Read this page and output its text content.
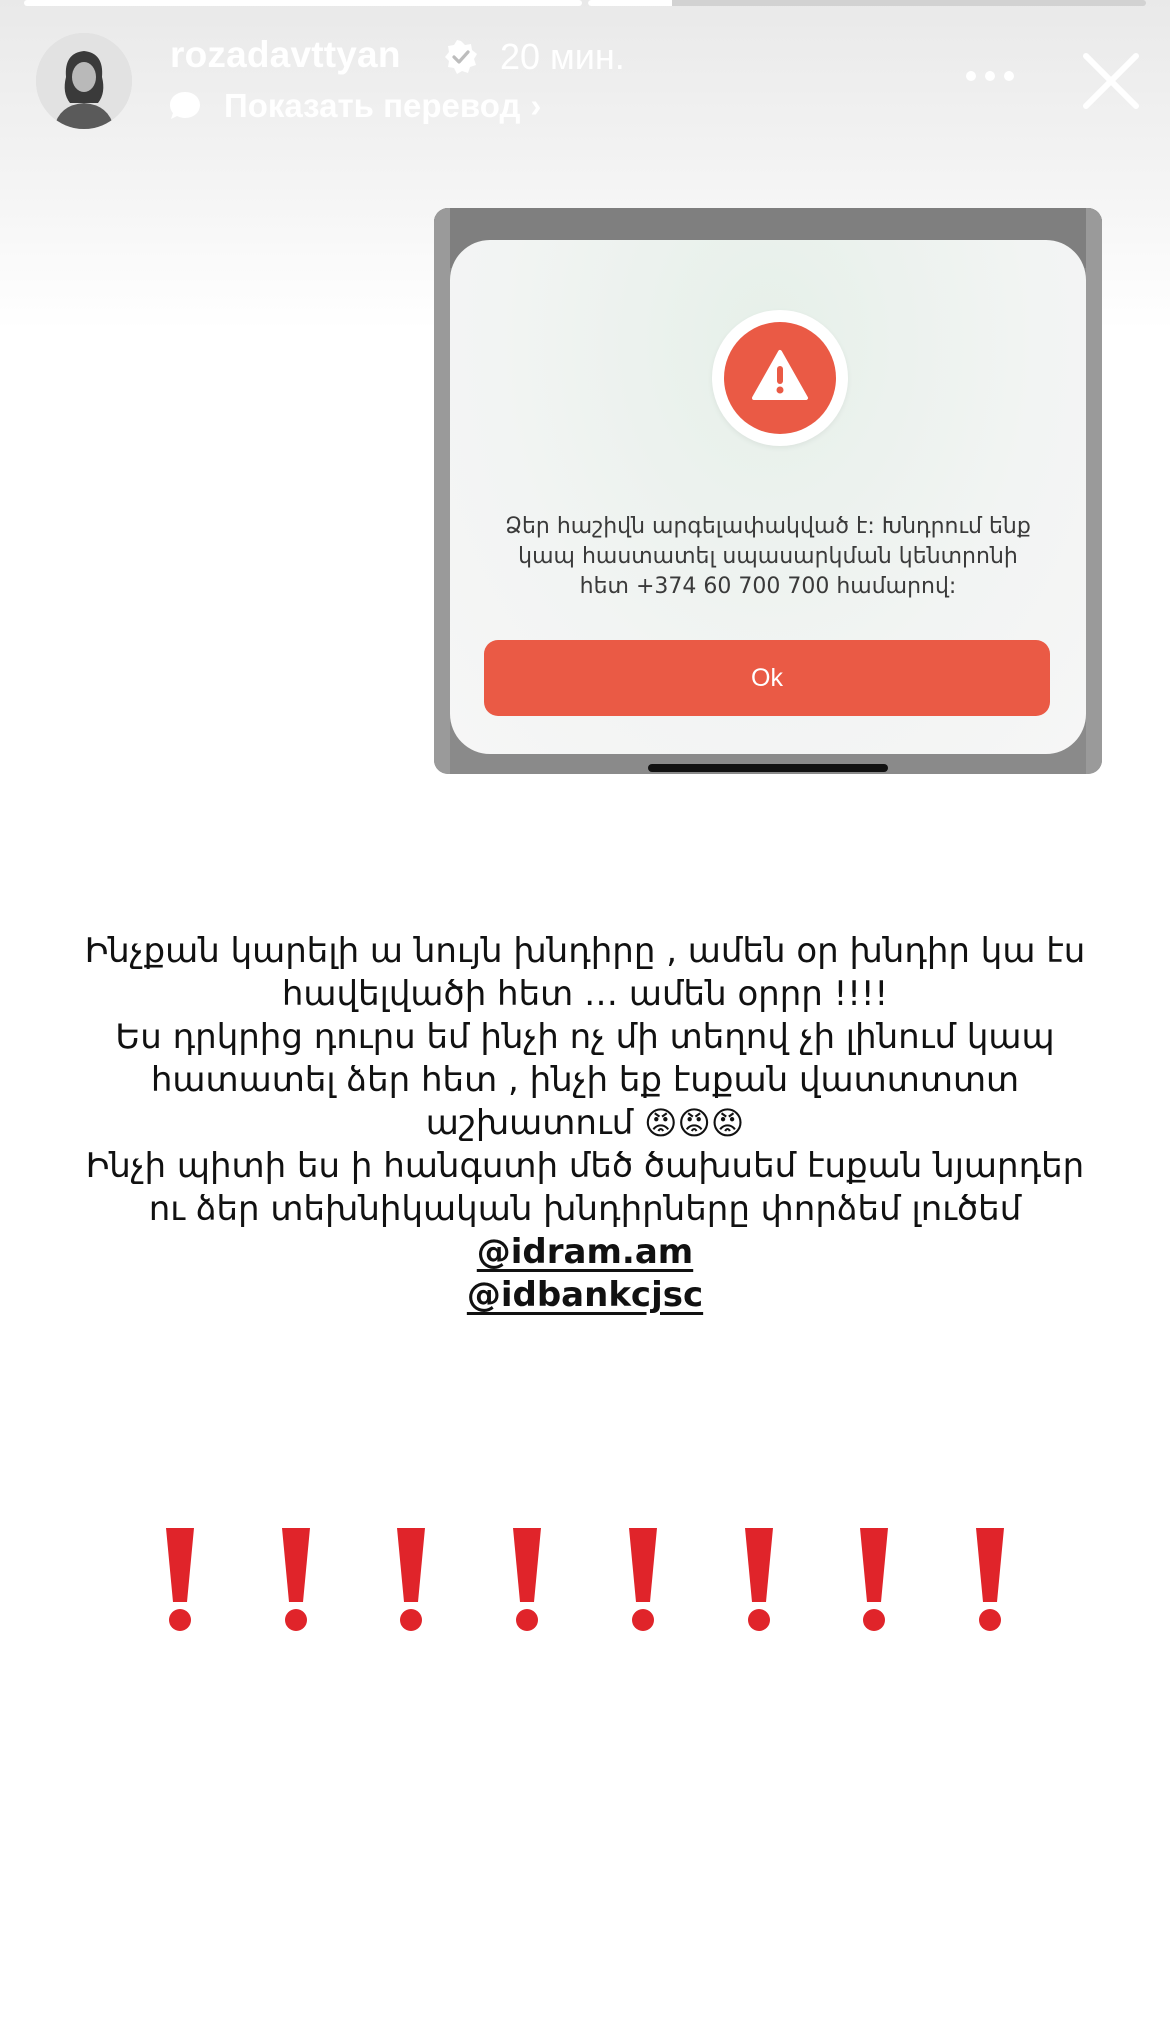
rozadavttyan	20 мин.
Показать перевод ›
Ձեր հաշիվն արգելափակված է: Խնդրում ենք կապ հաստատել սպասարկման կենտրոնի հետ +374 60 700 700 համարով:
Ok
Ինչքան կարելի ա նույն խնդիրը , ամեն օր խնդիր կա էս
հավելվածի հետ … ամեն օրրր !!!!
Ես դրկրից դուրս եմ ինչի ոչ մի տեղով չի լինում կապ
հատատել ձեր հետ , ինչի եք էսքան վատտտտտ
աշխատում 😡😡😡
Ինչի պիտի ես ի հանգստի մեծ ծախսեմ էսքան նյարդեր
ու ձեր տեխնիկական խնդիրները փորձեմ լուծեմ
@idram.am
@idbankcjsc
